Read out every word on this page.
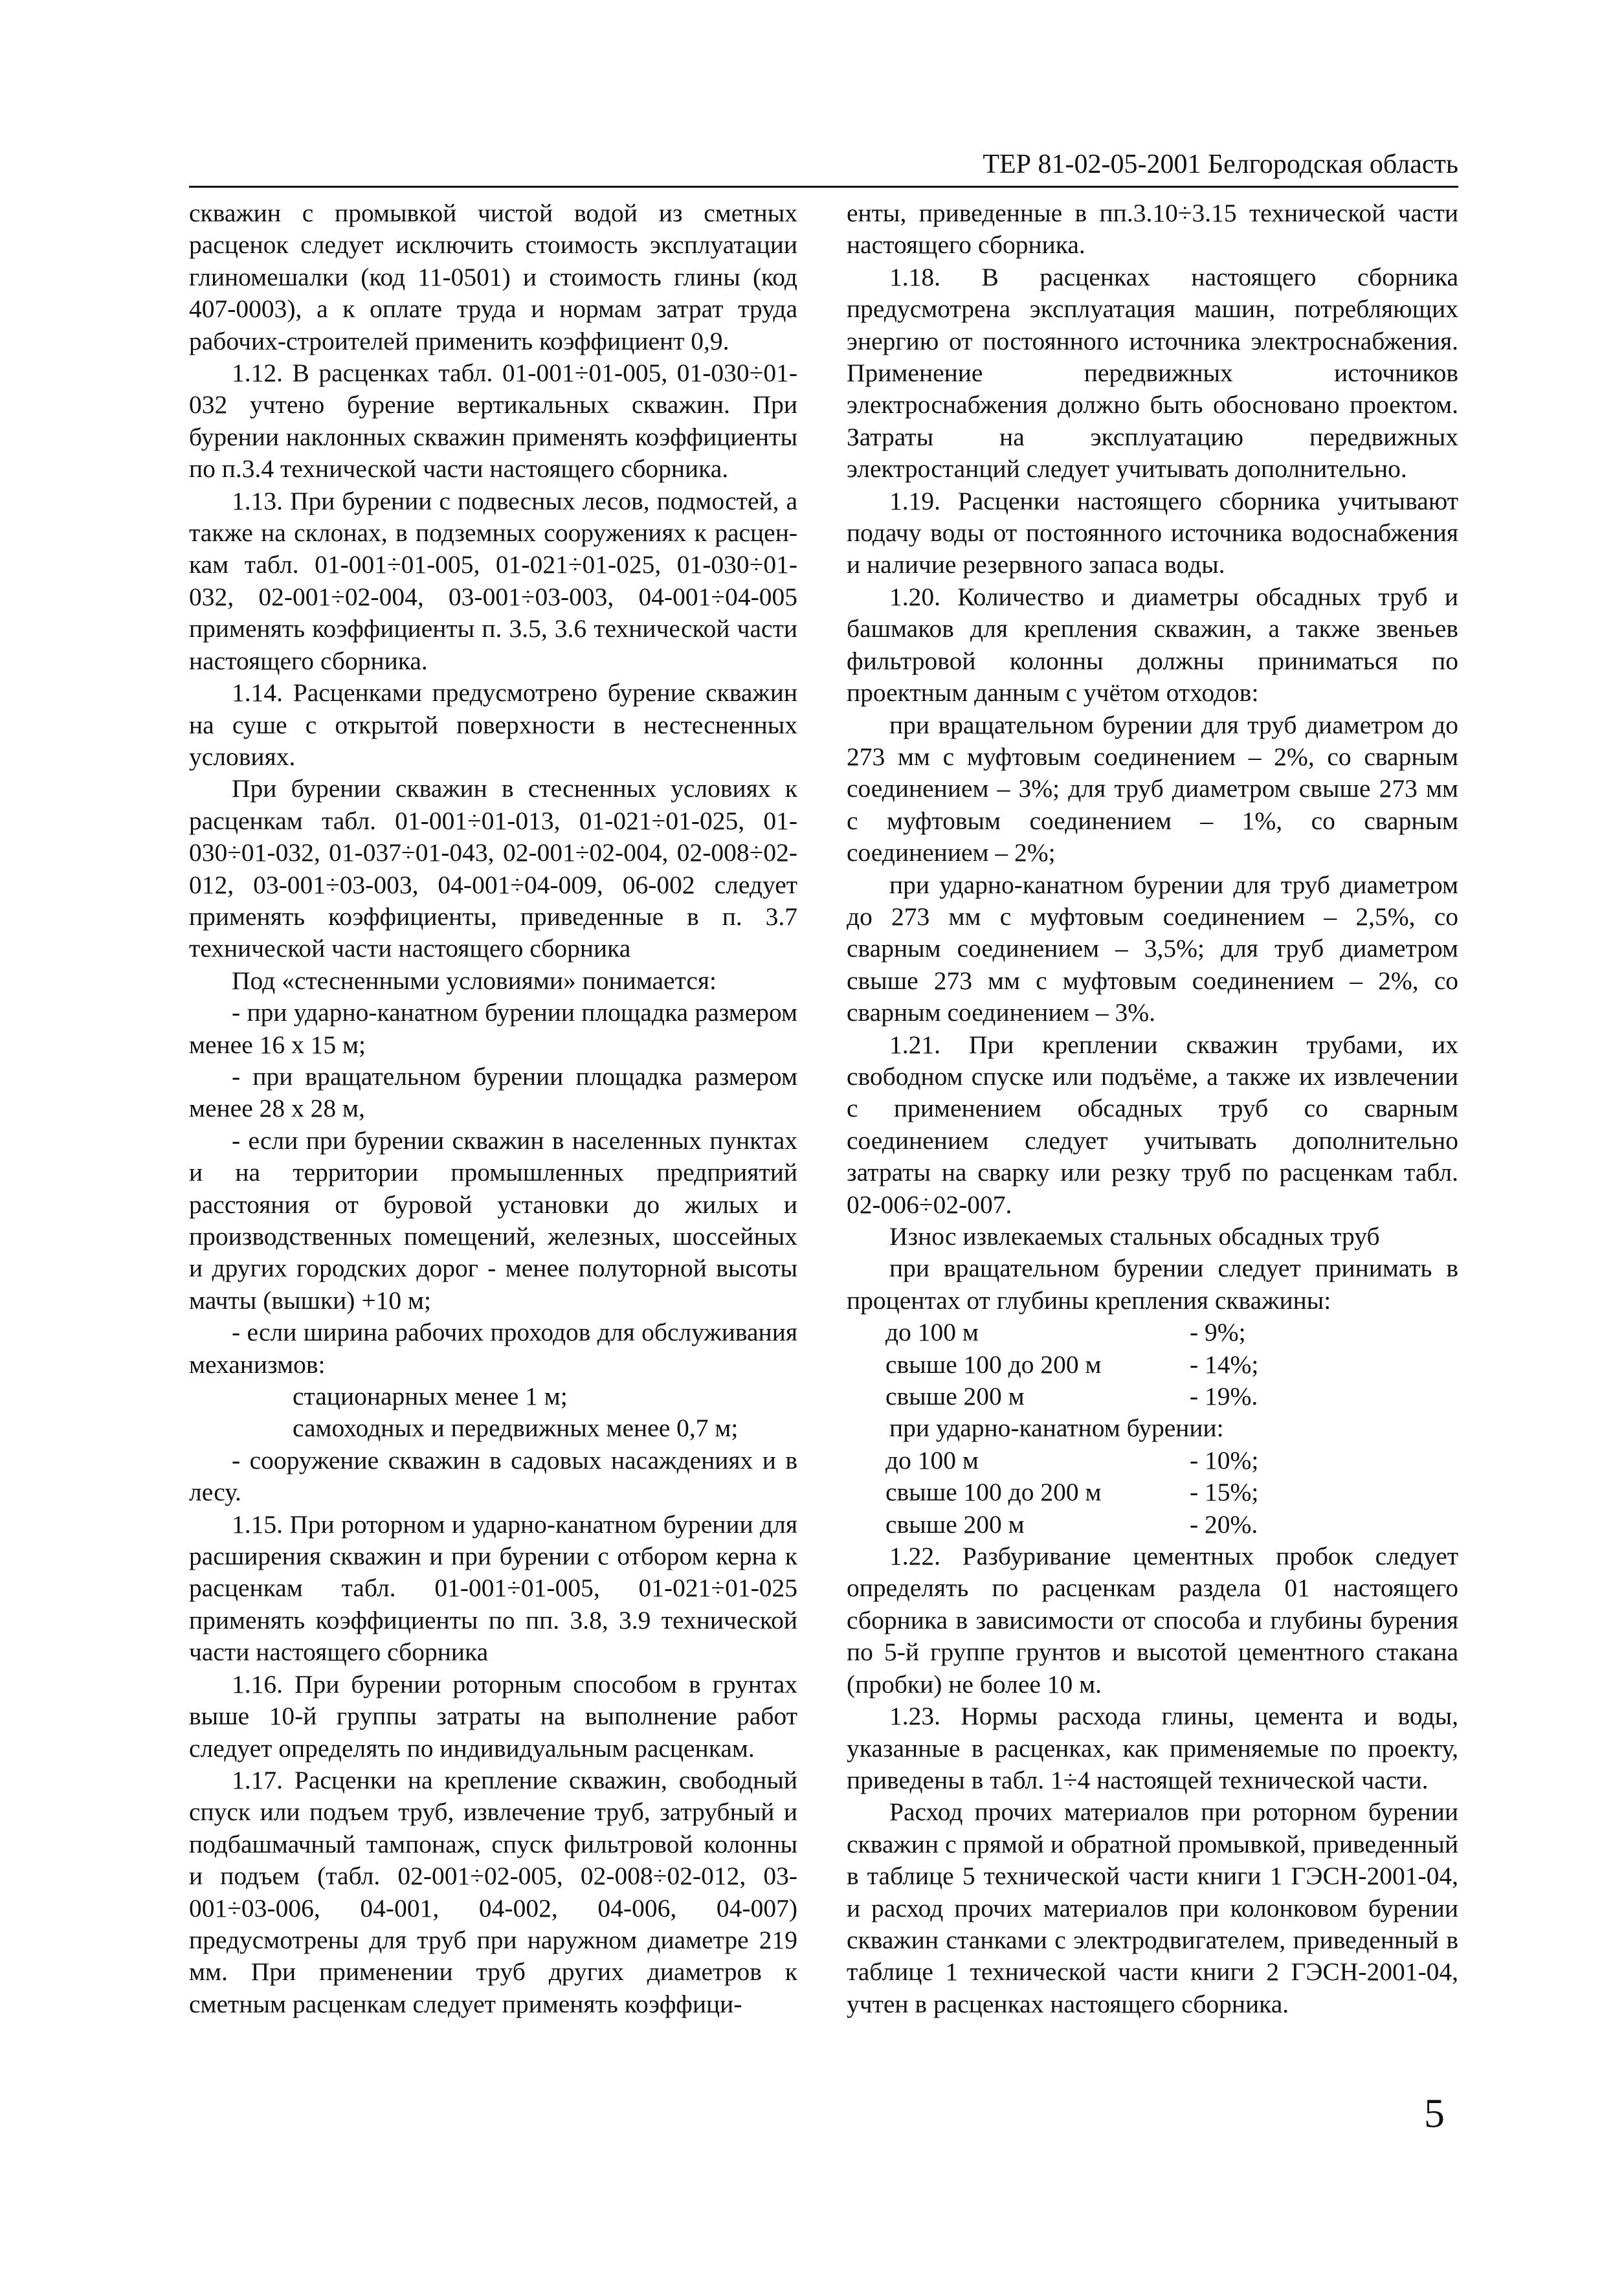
ТЕР 81-02-05-2001 Белгородская область

скважин с промывкой чистой водой из сметных расценок следует исключить стоимость эксплуатации глиномешалки (код 11-0501) и стоимость глины (код 407-0003), а к оплате труда и нормам затрат труда рабочих-строителей применить коэффициент 0,9.

1.12. В расценках табл. 01-001÷01-005, 01-030÷01-032 учтено бурение вертикальных скважин. При бурении наклонных скважин применять коэффициенты по п.3.4 технической части настоящего сборника.

1.13. При бурении с подвесных лесов, подмостей, а также на склонах, в подземных сооружениях к расцен-кам табл. 01-001÷01-005, 01-021÷01-025, 01-030÷01-032, 02-001÷02-004, 03-001÷03-003, 04-001÷04-005 применять коэффициенты п. 3.5, 3.6 технической части настоящего сборника.

1.14. Расценками предусмотрено бурение скважин на суше с открытой поверхности в нестесненных условиях.

При бурении скважин в стесненных условиях к расценкам табл. 01-001÷01-013, 01-021÷01-025, 01-030÷01-032, 01-037÷01-043, 02-001÷02-004, 02-008÷02-012, 03-001÷03-003, 04-001÷04-009, 06-002 следует применять коэффициенты, приведенные в п. 3.7 технической части настоящего сборника

Под «стесненными условиями» понимается:

- при ударно-канатном бурении площадка размером менее 16 х 15 м;

- при вращательном бурении площадка размером менее 28 х 28 м,

- если при бурении скважин в населенных пунктах и на территории промышленных предприятий расстояния от буровой установки до жилых и производственных помещений, железных, шоссейных и других городских дорог - менее полуторной высоты мачты (вышки) +10 м;

- если ширина рабочих проходов для обслуживания механизмов:

стационарных менее 1 м;

самоходных и передвижных менее 0,7 м;

- сооружение скважин в садовых насаждениях и в лесу.

1.15. При роторном и ударно-канатном бурении для расширения скважин и при бурении с отбором керна к расценкам табл. 01-001÷01-005, 01-021÷01-025 применять коэффициенты по пп. 3.8, 3.9 технической части настоящего сборника

1.16. При бурении роторным способом в грунтах выше 10-й группы затраты на выполнение работ следует определять по индивидуальным расценкам.

1.17. Расценки на крепление скважин, свободный спуск или подъем труб, извлечение труб, затрубный и подбашмачный тампонаж, спуск фильтровой колонны и подъем (табл. 02-001÷02-005, 02-008÷02-012, 03-001÷03-006, 04-001, 04-002, 04-006, 04-007) предусмотрены для труб при наружном диаметре 219 мм. При применении труб других диаметров к сметным расценкам следует применять коэффици-

енты, приведенные в пп.3.10÷3.15 технической части настоящего сборника.

1.18. В расценках настоящего сборника предусмотрена эксплуатация машин, потребляющих энергию от постоянного источника электроснабжения. Применение передвижных источников электроснабжения должно быть обосновано проектом. Затраты на эксплуатацию передвижных электростанций следует учитывать дополнительно.

1.19. Расценки настоящего сборника учитывают подачу воды от постоянного источника водоснабжения и наличие резервного запаса воды.

1.20. Количество и диаметры обсадных труб и башмаков для крепления скважин, а также звеньев фильтровой колонны должны приниматься по проектным данным с учётом отходов:

при вращательном бурении для труб диаметром до 273 мм с муфтовым соединением – 2%, со сварным соединением – 3%; для труб диаметром свыше 273 мм с муфтовым соединением – 1%, со сварным соединением – 2%;

при ударно-канатном бурении для труб диаметром до 273 мм с муфтовым соединением – 2,5%, со сварным соединением – 3,5%; для труб диаметром свыше 273 мм с муфтовым соединением – 2%, со сварным соединением – 3%.

1.21. При креплении скважин трубами, их свободном спуске или подъёме, а также их извлечении с применением обсадных труб со сварным соединением следует учитывать дополнительно затраты на сварку или резку труб по расценкам табл. 02-006÷02-007.

Износ извлекаемых стальных обсадных труб

при вращательном бурении следует принимать в процентах от глубины крепления скважины:

до 100 м	- 9%;
свыше 100 до 200 м	- 14%;
свыше 200 м	- 19%.

при ударно-канатном бурении:

до 100 м	- 10%;
свыше 100 до 200 м	- 15%;
свыше 200 м	- 20%.

1.22. Разбуривание цементных пробок следует определять по расценкам раздела 01 настоящего сборника в зависимости от способа и глубины бурения по 5-й группе грунтов и высотой цементного стакана (пробки) не более 10 м.

1.23. Нормы расхода глины, цемента и воды, указанные в расценках, как применяемые по проекту, приведены в табл. 1÷4 настоящей технической части.

Расход прочих материалов при роторном бурении скважин с прямой и обратной промывкой, приведенный в таблице 5 технической части книги 1 ГЭСН-2001-04, и расход прочих материалов при колонковом бурении скважин станками с электродвигателем, приведенный в таблице 1 технической части книги 2 ГЭСН-2001-04, учтен в расценках настоящего сборника.

5
